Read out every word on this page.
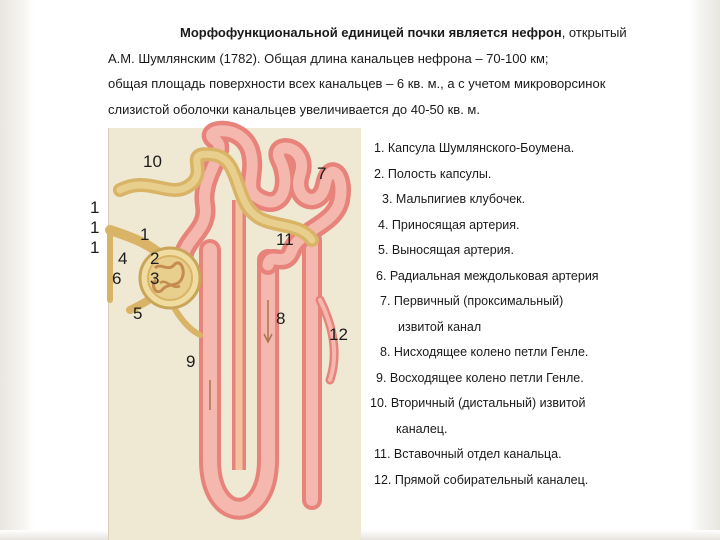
Морфофункциональной единицей почки является нефрон, открытый

А.М. Шумлянским (1782). Общая длина канальцев нефрона – 70-100 км;

общая площадь поверхности всех канальцев – 6 кв. м., а с учетом микроворсинок

слизистой оболочки канальцев увеличивается до 40-50 кв. м.

10
7
1
1
1
1	11
4 2
6 3
5	8
12
9
1. Капсула Шумлянского-Боумена.
2. Полость капсулы.
3. Мальпигиев клубочек.
4. Приносящая артерия.
5. Выносящая артерия.
6. Радиальная междольковая артерия
7. Первичный (проксимальный)
извитой канал
8. Нисходящее колено петли Генле.
9. Восходящее колено петли Генле.
10. Вторичный (дистальный) извитой
каналец.
11. Вставочный отдел канальца.
12. Прямой собирательный каналец.
